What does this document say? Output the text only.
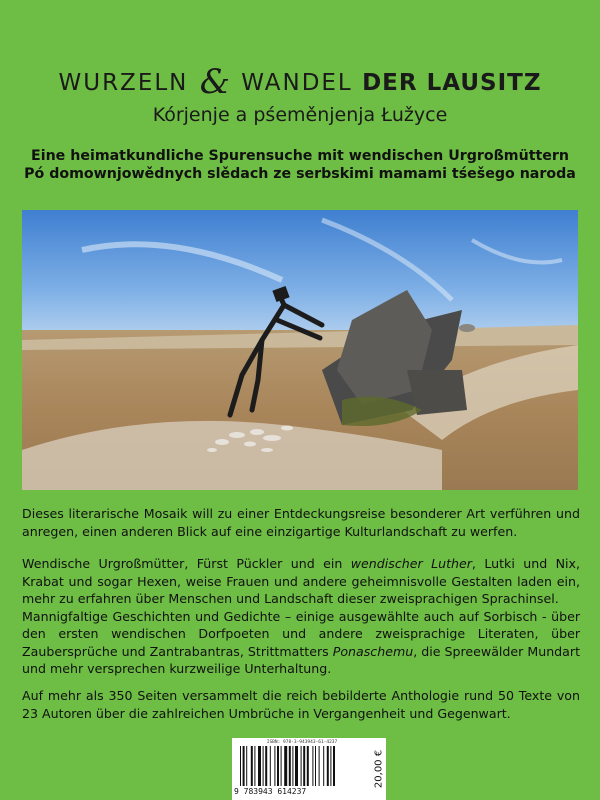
WURZELN & WANDEL DER LAUSITZ
Kórjenje a pśeměnjenja Łužyce
Eine heimatkundliche Spurensuche mit wendischen Urgroßmüttern
Pó domownjowědnych slědach ze serbskimi mamami tśešego naroda

Dieses literarische Mosaik will zu einer Entdeckungsreise besonderer Art verführen und anregen, einen anderen Blick auf eine einzigartige Kulturlandschaft zu werfen.

Wendische Urgroßmütter, Fürst Pückler und ein wendischer Luther, Lutki und Nix, Krabat und sogar Hexen, weise Frauen und andere geheimnisvolle Gestalten laden ein, mehr zu erfahren über Menschen und Landschaft dieser zweisprachigen Sprachinsel.

Mannigfaltige Geschichten und Gedichte – einige ausgewählte auch auf Sorbisch - über den ersten wendischen Dorfpoeten und andere zweisprachige Literaten, über Zaubersprüche und Zantrabantras, Strittmatters Ponaschemu, die Spreewälder Mundart und mehr versprechen kurzweilige Unterhaltung.

Auf mehr als 350 Seiten versammelt die reich bebilderte Anthologie rund 50 Texte von 23 Autoren über die zahlreichen Umbrüche in Vergangenheit und Gegenwart.

ISBN: 978-3-943943-61-4237
9 783943 614237
20,00 €
